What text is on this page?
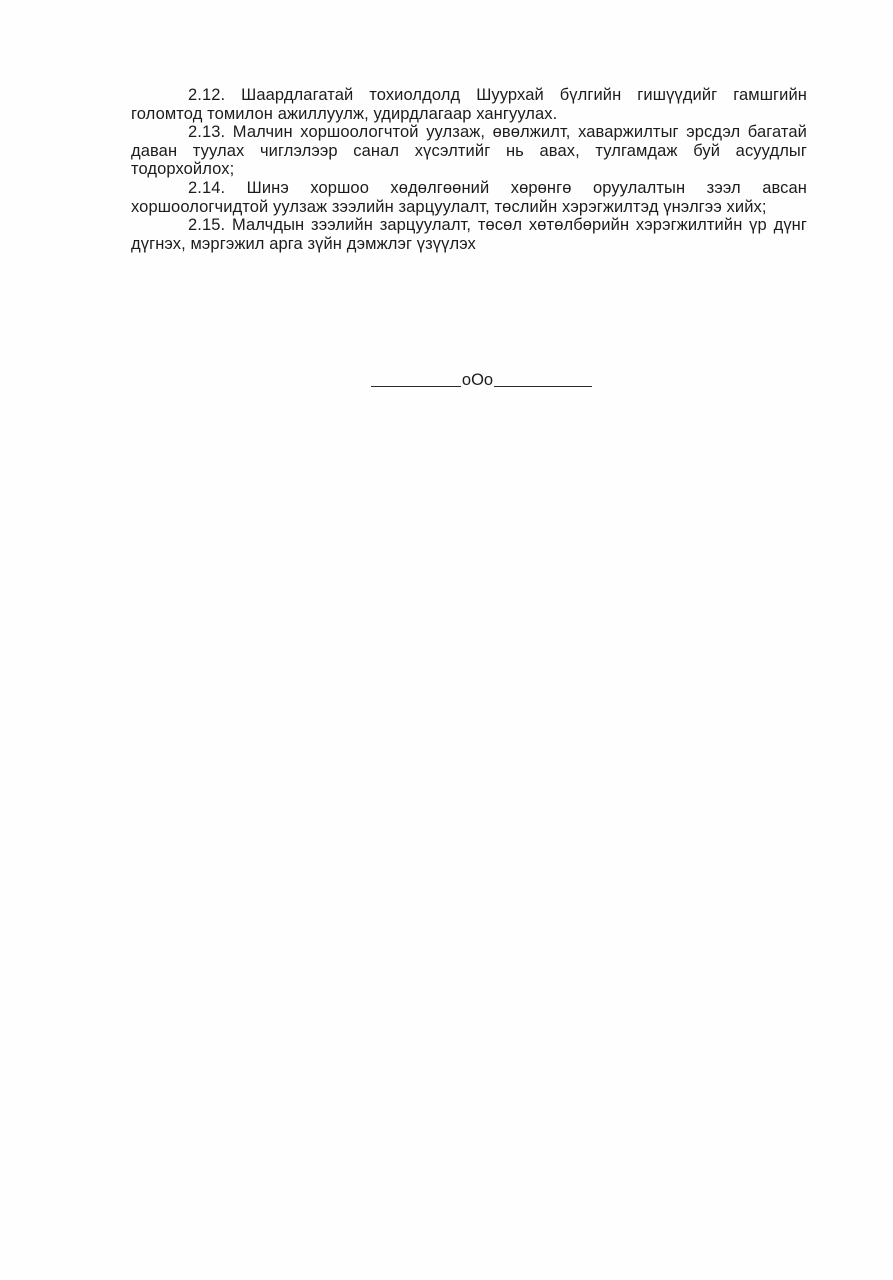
2.12. Шаардлагатай тохиолдолд Шуурхай бүлгийн гишүүдийг гамшгийн голомтод томилон ажиллуулж, удирдлагаар хангуулах.

2.13. Малчин хоршоологчтой уулзаж, өвөлжилт, хаваржилтыг эрсдэл багатай даван туулах чиглэлээр санал хүсэлтийг нь авах, тулгамдаж буй асуудлыг тодорхойлох;

2.14. Шинэ хоршоо хөдөлгөөний хөрөнгө оруулалтын зээл авсан хоршоологчидтой уулзаж зээлийн зарцуулалт, төслийн хэрэгжилтэд үнэлгээ хийх;

2.15. Малчдын зээлийн зарцуулалт, төсөл хөтөлбөрийн хэрэгжилтийн үр дүнг дүгнэх, мэргэжил арга зүйн дэмжлэг үзүүлэх

оОо
